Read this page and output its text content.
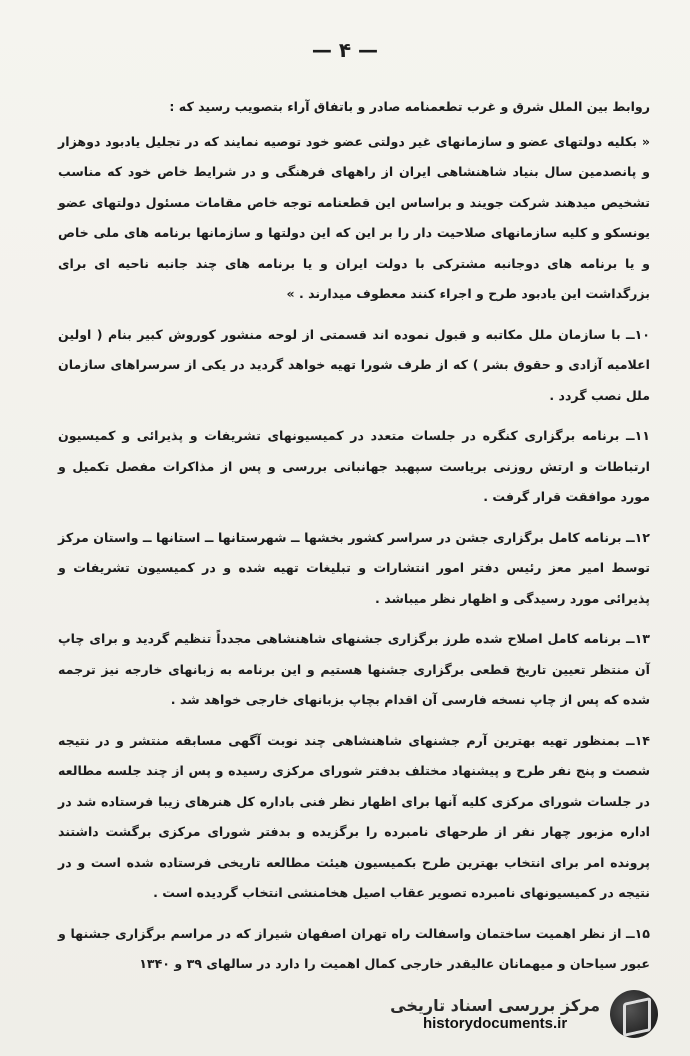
— ۴ —

روابط بین الملل شرق و غرب تطعمنامه صادر و باتفاق آراء بتصویب رسید که :

« بکلیه دولتهای عضو و سازمانهای غیر دولتی عضو خود توصیه نمایند که در تجلیل یادبود دوهزار و پانصدمین سال بنیاد شاهنشاهی ایران از راههای فرهنگی و در شرایط خاص خود که مناسب تشخیص میدهند شرکت جویند و براساس این قطعنامه توجه خاص مقامات مسئول دولتهای عضو یونسکو و کلیه سازمانهای صلاحیت دار را بر این که این دولتها و سازمانها برنامه های ملی خاص و یا برنامه های دوجانبه مشترکی با دولت ایران و یا برنامه های چند جانبه ناحیه ای برای بزرگداشت این یادبود طرح و اجراء کنند معطوف میدارند . »

۱۰ــ با سازمان ملل مکاتبه و قبول نموده اند قسمتی از لوحه منشور کوروش کبیر بنام ( اولین اعلامیه آزادی و حقوق بشر ) که از طرف شورا تهیه خواهد گردید در یکی از سرسراهای سازمان ملل نصب گردد .

۱۱ــ برنامه برگزاری کنگره در جلسات متعدد در کمیسیونهای تشریفات و پذیرائی و کمیسیون ارتباطات و ارتش روزنی بریاست سپهبد جهانبانی بررسی و پس از مذاکرات مفصل تکمیل و مورد موافقت قرار گرفت .

۱۲ــ برنامه کامل برگزاری جشن در سراسر کشور بخشها ــ شهرستانها ــ استانها ــ واستان مرکز توسط امیر معز رئیس دفتر امور انتشارات و تبلیغات تهیه شده و در کمیسیون تشریفات و پذیرائی مورد رسیدگی و اظهار نظر میباشد .

۱۳ــ برنامه کامل اصلاح شده طرز برگزاری جشنهای شاهنشاهی مجدداً تنظیم گردید و برای چاپ آن منتظر تعیین تاریخ قطعی برگزاری جشنها هستیم و این برنامه به زبانهای خارجه نیز ترجمه شده که پس از چاپ نسخه فارسی آن اقدام بچاپ بزبانهای خارجی خواهد شد .

۱۴ــ بمنظور تهیه بهترین آرم جشنهای شاهنشاهی چند نوبت آگهی مسابقه منتشر و در نتیجه شصت و پنج نفر طرح و پیشنهاد مختلف بدفتر شورای مرکزی رسیده و پس از چند جلسه مطالعه در جلسات شورای مرکزی کلیه آنها برای اظهار نظر فنی باداره کل هنرهای زیبا فرستاده شد در اداره مزبور چهار نفر از طرحهای نامبرده را برگزیده و بدفتر شورای مرکزی برگشت داشتند پرونده امر برای انتخاب بهترین طرح بکمیسیون هیئت مطالعه تاریخی فرستاده شده است و در نتیجه در کمیسیونهای نامبرده تصویر عقاب اصیل هخامنشی انتخاب گردیده است .

۱۵ــ از نظر اهمیت ساختمان واسفالت راه تهران اصفهان شیراز که در مراسم برگزاری جشنها و عبور سیاحان و میهمانان عالیقدر خارجی کمال اهمیت را دارد در سالهای ۳۹ و ۱۳۴۰

مرکز بررسی اسناد تاریخی
historydocuments.ir
